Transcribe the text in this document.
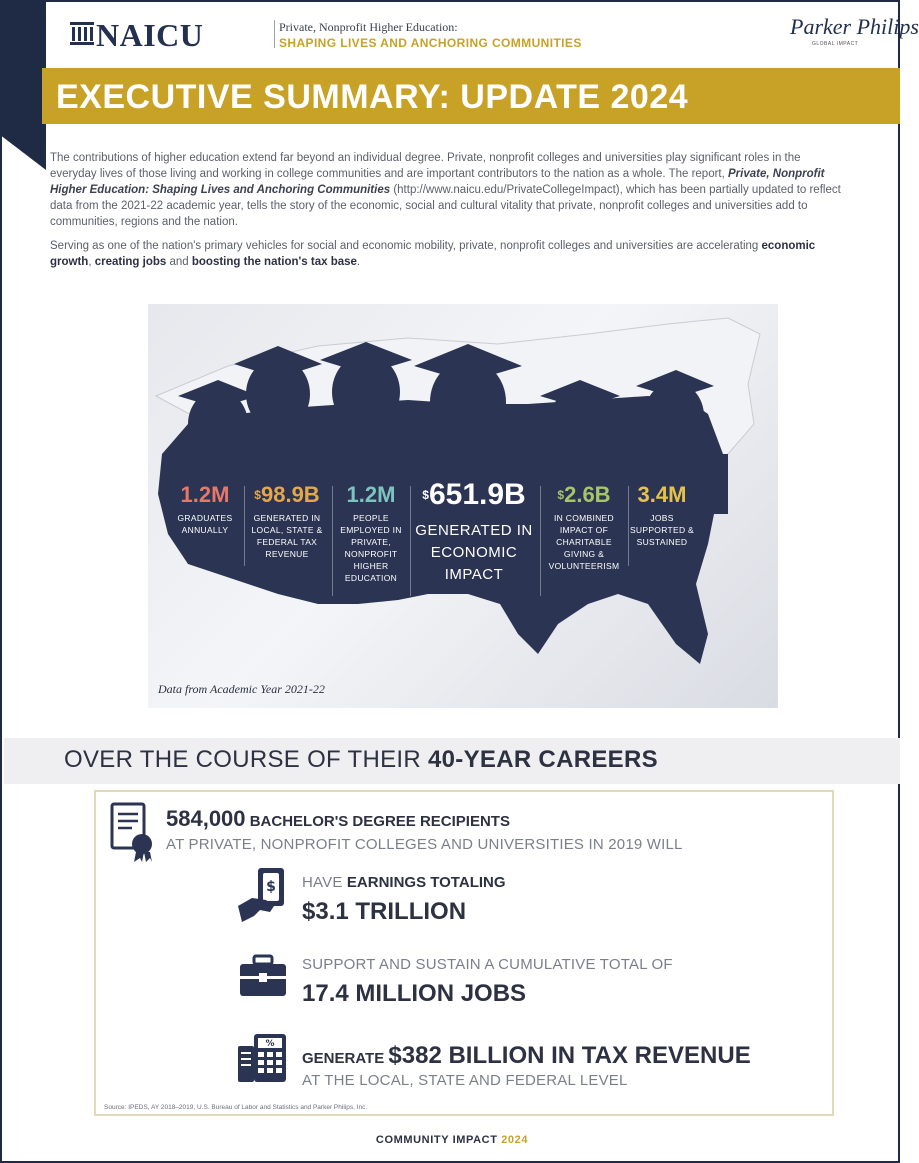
NAICU	Private, Nonprofit Higher Education:
SHAPING LIVES AND ANCHORING COMMUNITIES
Parker Philips
GLOBAL IMPACT
EXECUTIVE SUMMARY: UPDATE 2024

The contributions of higher education extend far beyond an individual degree. Private, nonprofit colleges and universities play significant roles in the everyday lives of those living and working in college communities and are important contributors to the nation as a whole. The report, Private, Nonprofit Higher Education: Shaping Lives and Anchoring Communities (http://www.naicu.edu/PrivateCollegeImpact), which has been partially updated to reflect data from the 2021-22 academic year, tells the story of the economic, social and cultural vitality that private, nonprofit colleges and universities add to communities, regions and the nation.

Serving as one of the nation's primary vehicles for social and economic mobility, private, nonprofit colleges and universities are accelerating economic growth, creating jobs and boosting the nation's tax base.

1.2M
GRADUATES ANNUALLY
$98.9B
GENERATED IN LOCAL, STATE & FEDERAL TAX REVENUE
1.2M
PEOPLE EMPLOYED IN PRIVATE, NONPROFIT HIGHER EDUCATION
$651.9B
GENERATED IN ECONOMIC IMPACT
$2.6B
IN COMBINED IMPACT OF CHARITABLE GIVING & VOLUNTEERISM
3.4M
JOBS SUPPORTED & SUSTAINED
Data from Academic Year 2021-22
OVER THE COURSE OF THEIR 40-YEAR CAREERS
584,000 BACHELOR'S DEGREE RECIPIENTS
AT PRIVATE, NONPROFIT COLLEGES AND UNIVERSITIES IN 2019 WILL
$ HAVE EARNINGS TOTALING
$3.1 TRILLION
SUPPORT AND SUSTAIN A CUMULATIVE TOTAL OF
17.4 MILLION JOBS
%
GENERATE $382 BILLION IN TAX REVENUE
AT THE LOCAL, STATE AND FEDERAL LEVEL
Source: IPEDS, AY 2018–2019, U.S. Bureau of Labor and Statistics and Parker Philips, Inc.
COMMUNITY IMPACT 2024
